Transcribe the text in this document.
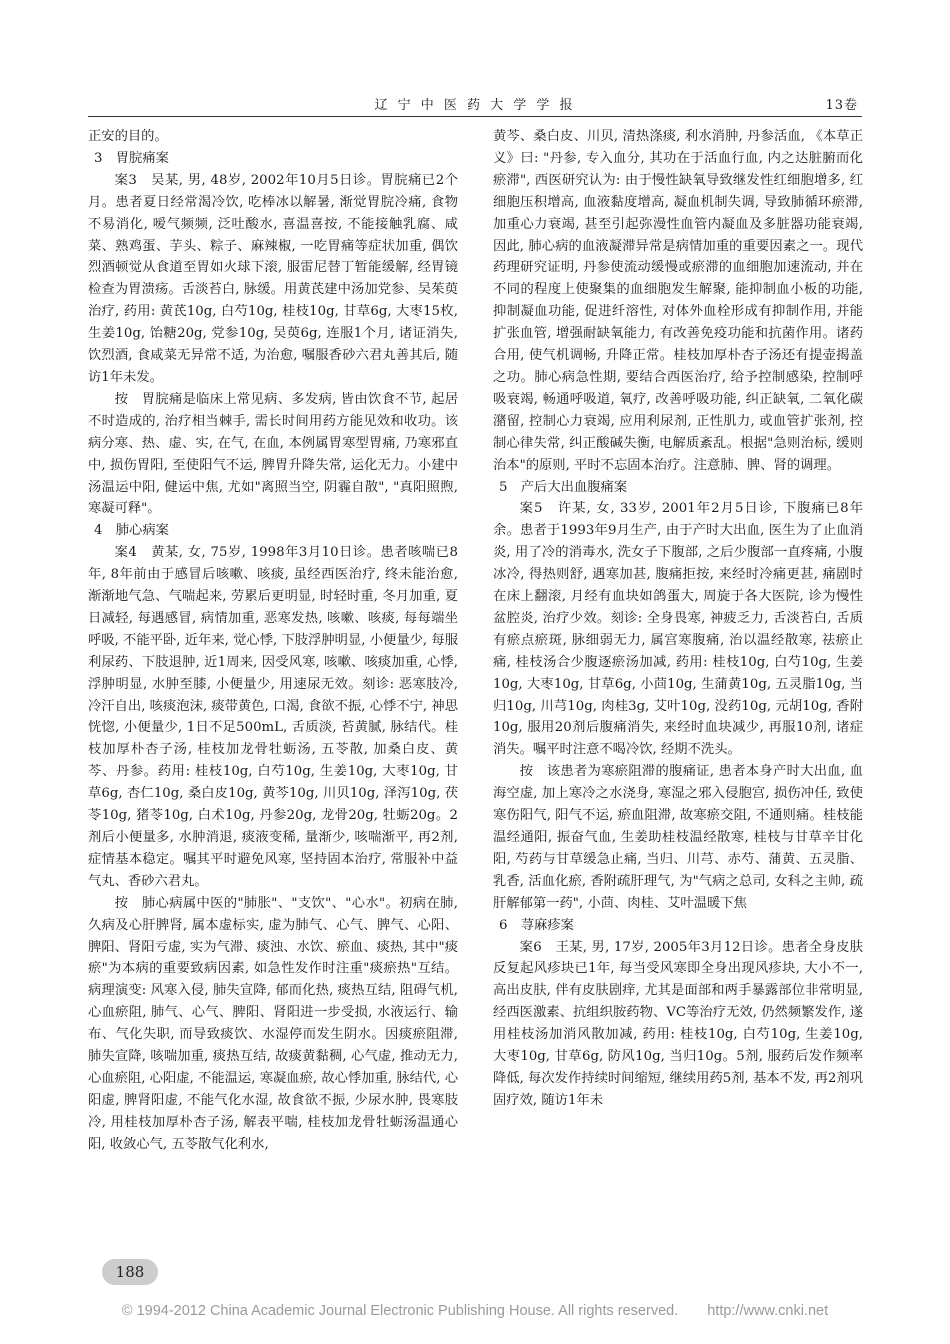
辽 宁 中 医 药 大 学 学 报	13卷

正安的目的。

3　胃脘痛案

案3　吴某, 男, 48岁, 2002年10月5日诊。胃脘痛已2个月。患者夏日经常渴冷饮, 吃棒冰以解暑, 渐觉胃脘冷痛, 食物不易消化, 嗳气频频, 泛吐酸水, 喜温喜按, 不能接触乳腐、咸菜、熟鸡蛋、芋头、粽子、麻辣椒, 一吃胃痛等症状加重, 偶饮烈酒顿觉从食道至胃如火球下滚, 服雷尼替丁暂能缓解, 经胃镜检查为胃溃疡。舌淡苔白, 脉缓。用黄芪建中汤加党参、吴茱萸治疗, 药用: 黄芪10g, 白芍10g, 桂枝10g, 甘草6g, 大枣15枚, 生姜10g, 饴糖20g, 党参10g, 吴萸6g, 连服1个月, 诸证消失, 饮烈酒, 食咸菜无异常不适, 为治愈, 嘱服香砂六君丸善其后, 随访1年未发。

按　胃脘痛是临床上常见病、多发病, 皆由饮食不节, 起居不时造成的, 治疗相当棘手, 需长时间用药方能见效和收功。该病分寒、热、虚、实, 在气, 在血, 本例属胃寒型胃痛, 乃寒邪直中, 损伤胃阳, 至使阳气不运, 脾胃升降失常, 运化无力。小建中汤温运中阳, 健运中焦, 尤如"离照当空, 阴霾自散", "真阳照煦, 寒凝可释"。

4　肺心病案

案4　黄某, 女, 75岁, 1998年3月10日诊。患者咳喘已8年, 8年前由于感冒后咳嗽、咳痰, 虽经西医治疗, 终未能治愈, 渐渐地气急、气喘起来, 劳累后更明显, 时轻时重, 冬月加重, 夏日减轻, 每遇感冒, 病情加重, 恶寒发热, 咳嗽、咳痰, 每每端坐呼吸, 不能平卧, 近年来, 觉心悸, 下肢浮肿明显, 小便量少, 每服利尿药、下肢退肿, 近1周来, 因受风寒, 咳嗽、咳痰加重, 心悸, 浮肿明显, 水肿至膝, 小便量少, 用速尿无效。刻诊: 恶寒肢冷, 冷汗自出, 咳痰泡沫, 痰带黄色, 口渴, 食欲不振, 心悸不宁, 神思恍惚, 小便量少, 1日不足500mL, 舌质淡, 苔黄腻, 脉结代。桂枝加厚朴杏子汤, 桂枝加龙骨牡蛎汤, 五苓散, 加桑白皮、黄芩、丹参。药用: 桂枝10g, 白芍10g, 生姜10g, 大枣10g, 甘草6g, 杏仁10g, 桑白皮10g, 黄芩10g, 川贝10g, 泽泻10g, 茯苓10g, 猪苓10g, 白术10g, 丹参20g, 龙骨20g, 牡蛎20g。2剂后小便量多, 水肿消退, 痰液变稀, 量渐少, 咳喘渐平, 再2剂, 症情基本稳定。嘱其平时避免风寒, 坚持固本治疗, 常服补中益气丸、香砂六君丸。

按　肺心病属中医的"肺胀"、"支饮"、"心水"。初病在肺, 久病及心肝脾肾, 属本虚标实, 虚为肺气、心气、脾气、心阳、脾阳、肾阳亏虚, 实为气滞、痰浊、水饮、瘀血、痰热, 其中"痰瘀"为本病的重要致病因素, 如急性发作时注重"痰瘀热"互结。病理演变: 风寒入侵, 肺失宣降, 郁而化热, 痰热互结, 阻碍气机, 心血瘀阻, 肺气、心气、脾阳、肾阳进一步受损, 水液运行、输布、气化失职, 而导致痰饮、水湿停而发生阴水。因痰瘀阻滞, 肺失宣降, 咳喘加重, 痰热互结, 故痰黄黏稠, 心气虚, 推动无力, 心血瘀阻, 心阳虚, 不能温运, 寒凝血瘀, 故心悸加重, 脉结代, 心阳虚, 脾肾阳虚, 不能气化水湿, 故食欲不振, 少尿水肿, 畏寒肢冷, 用桂枝加厚朴杏子汤, 解表平喘, 桂枝加龙骨牡蛎汤温通心阳, 收敛心气, 五苓散气化利水,

黄芩、桑白皮、川贝, 清热涤痰, 利水消肿, 丹参活血, 《本草正义》曰: "丹参, 专入血分, 其功在于活血行血, 内之达脏腑而化瘀滞", 西医研究认为: 由于慢性缺氧导致继发性红细胞增多, 红细胞压积增高, 血液黏度增高, 凝血机制失调, 导致肺循环瘀滞, 加重心力衰竭, 甚至引起弥漫性血管内凝血及多脏器功能衰竭, 因此, 肺心病的血液凝滞异常是病情加重的重要因素之一。现代药理研究证明, 丹参使流动缓慢或瘀滞的血细胞加速流动, 并在不同的程度上使聚集的血细胞发生解聚, 能抑制血小板的功能, 抑制凝血功能, 促进纤溶性, 对体外血栓形成有抑制作用, 并能扩张血管, 增强耐缺氧能力, 有改善免疫功能和抗菌作用。诸药合用, 使气机调畅, 升降正常。桂枝加厚朴杏子汤还有提壶揭盖之功。肺心病急性期, 要结合西医治疗, 给予控制感染, 控制呼吸衰竭, 畅通呼吸道, 氧疗, 改善呼吸功能, 纠正缺氧, 二氧化碳潴留, 控制心力衰竭, 应用利尿剂, 正性肌力, 或血管扩张剂, 控制心律失常, 纠正酸碱失衡, 电解质紊乱。根据"急则治标, 缓则治本"的原则, 平时不忘固本治疗。注意肺、脾、肾的调理。

5　产后大出血腹痛案

案5　许某, 女, 33岁, 2001年2月5日诊, 下腹痛已8年余。患者于1993年9月生产, 由于产时大出血, 医生为了止血消炎, 用了冷的消毒水, 洗女子下腹部, 之后少腹部一直疼痛, 小腹冰冷, 得热则舒, 遇寒加甚, 腹痛拒按, 来经时冷痛更甚, 痛剧时在床上翻滚, 月经有血块如鸽蛋大, 周旋于各大医院, 诊为慢性盆腔炎, 治疗少效。刻诊: 全身畏寒, 神疲乏力, 舌淡苔白, 舌质有瘀点瘀斑, 脉细弱无力, 属宫寒腹痛, 治以温经散寒, 祛瘀止痛, 桂枝汤合少腹逐瘀汤加减, 药用: 桂枝10g, 白芍10g, 生姜10g, 大枣10g, 甘草6g, 小茴10g, 生蒲黄10g, 五灵脂10g, 当归10g, 川芎10g, 肉桂3g, 艾叶10g, 没药10g, 元胡10g, 香附10g, 服用20剂后腹痛消失, 来经时血块减少, 再服10剂, 诸症消失。嘱平时注意不喝冷饮, 经期不洗头。

按　该患者为寒瘀阻滞的腹痛证, 患者本身产时大出血, 血海空虚, 加上寒冷之水浇身, 寒湿之邪入侵胞宫, 损伤冲任, 致使寒伤阳气, 阳气不运, 瘀血阻滞, 故寒瘀交阻, 不通则痛。桂枝能温经通阳, 振奋气血, 生姜助桂枝温经散寒, 桂枝与甘草辛甘化阳, 芍药与甘草缓急止痛, 当归、川芎、赤芍、蒲黄、五灵脂、乳香, 活血化瘀, 香附疏肝理气, 为"气病之总司, 女科之主帅, 疏肝解郁第一药", 小茴、肉桂、艾叶温暖下焦

6　荨麻疹案

案6　王某, 男, 17岁, 2005年3月12日诊。患者全身皮肤反复起风疹块已1年, 每当受风寒即全身出现风疹块, 大小不一, 高出皮肤, 伴有皮肤剧痒, 尤其是面部和两手暴露部位非常明显, 经西医激素、抗组织胺药物、VC等治疗无效, 仍然频繁发作, 遂用桂枝汤加消风散加减, 药用: 桂枝10g, 白芍10g, 生姜10g, 大枣10g, 甘草6g, 防风10g, 当归10g。5剂, 服药后发作频率降低, 每次发作持续时间缩短, 继续用药5剂, 基本不发, 再2剂巩固疗效, 随访1年未

188
© 1994-2012 China Academic Journal Electronic Publishing House. All rights reserved.　　http://www.cnki.net
